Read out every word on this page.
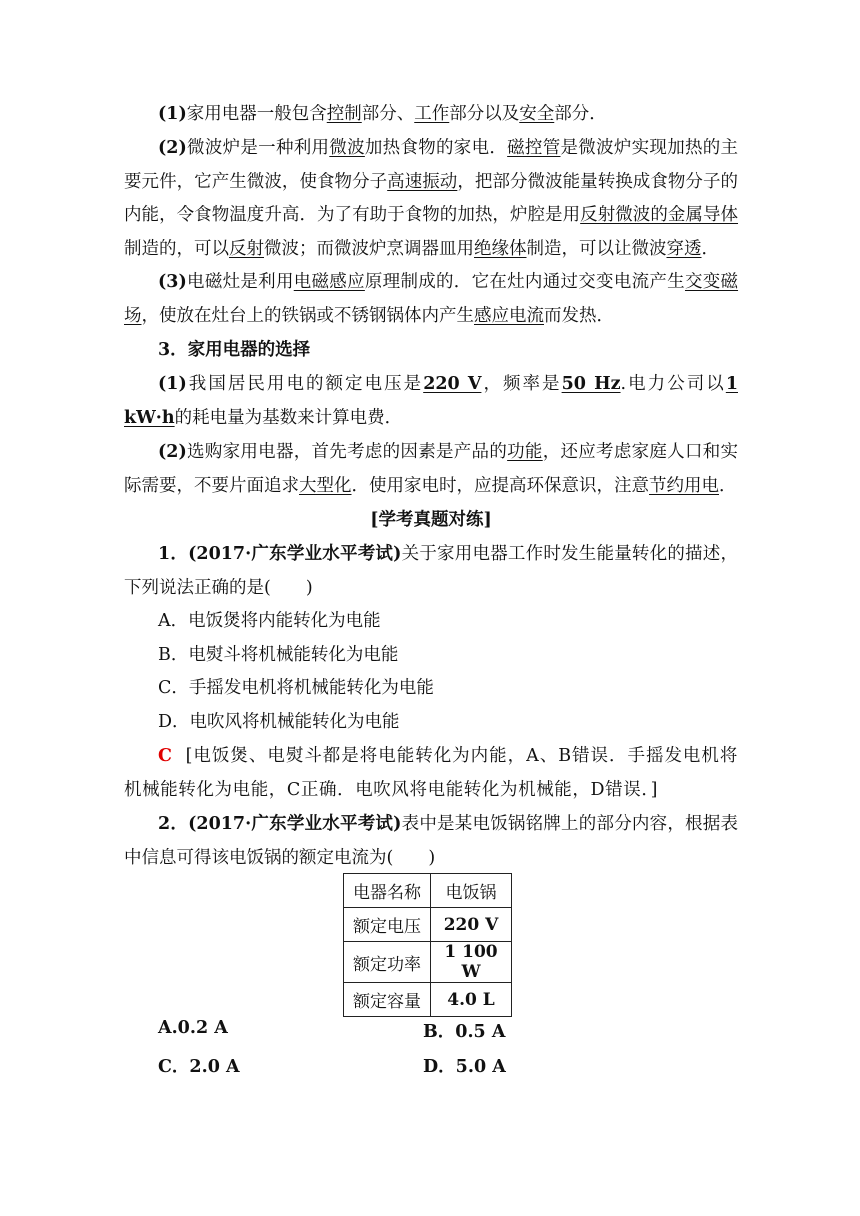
(1)家用电器一般包含控制部分、工作部分以及安全部分．

(2)微波炉是一种利用微波加热食物的家电．磁控管是微波炉实现加热的主要元件，它产生微波，使食物分子高速振动，把部分微波能量转换成食物分子的内能，令食物温度升高．为了有助于食物的加热，炉腔是用反射微波的金属导体制造的，可以反射微波；而微波炉烹调器皿用绝缘体制造，可以让微波穿透．

(3)电磁灶是利用电磁感应原理制成的．它在灶内通过交变电流产生交变磁场，使放在灶台上的铁锅或不锈钢锅体内产生感应电流而发热．

3．家用电器的选择

(1)我国居民用电的额定电压是220 V，频率是50 Hz.电力公司以1 kW·h的耗电量为基数来计算电费．

(2)选购家用电器，首先考虑的因素是产品的功能，还应考虑家庭人口和实际需要，不要片面追求大型化．使用家电时，应提高环保意识，注意节约用电．

[学考真题对练]

1．(2017·广东学业水平考试)关于家用电器工作时发生能量转化的描述，下列说法正确的是(　　)

A．电饭煲将内能转化为电能

B．电熨斗将机械能转化为电能

C．手摇发电机将机械能转化为电能

D．电吹风将机械能转化为电能

C [电饭煲、电熨斗都是将电能转化为内能，A、B错误．手摇发电机将机械能转化为电能，C正确．电吹风将电能转化为机械能，D错误．]

2．(2017·广东学业水平考试)表中是某电饭锅铭牌上的部分内容，根据表中信息可得该电饭锅的额定电流为(　　)

电器名称	电饭锅
额定电压	220 V
额定功率	1 100 W
额定容量	4.0 L
A.0.2 A	B．0.5 A
C．2.0 A	D．5.0 A
